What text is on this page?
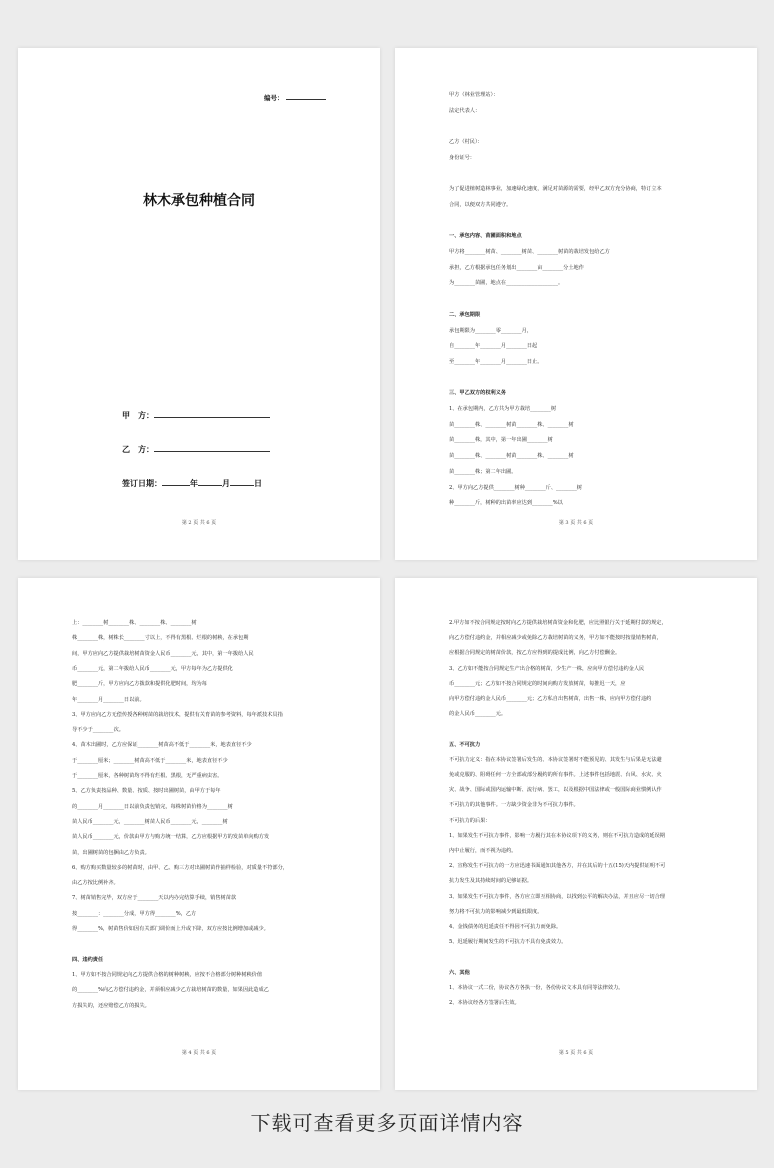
编号：
林木承包种植合同
甲　方：
乙　方：
签订日期：	年	月	日
第 2 页 共 6 页	第 3 页 共 6 页
甲方（林业管理站）：
法定代表人：
乙方（村民）：
身份证号：
为了促进植树造林事业，加速绿化速度，满足对苗源的需要，经甲乙双方充分协商，特订立本
合同，以便双方共同遵守。
一、承包内容、苗圃面积和地点
甲方将________树苗、________树苗、________树苗的栽培发包给乙方
承担，乙方根据承包任务划出________亩________分土地作
为________苗圃，地点在____________________。
二、承包期限
承包期限为________零________月，
自________年________月________日起
至________年________月________日止。
三、甲乙双方的权利义务
1、在承包期内，乙方共为甲方栽培________树
苗________株、________树苗________株、________树
苗________株，其中，第一年出圃________树
苗________株、________树苗________株、________树
苗________株；第二年出圃。
2、甲方向乙方提供________树种________斤、________树
种________斤，树种的出苗率应达到________%以
第 4 页 共 6 页
上：________树________株、________株、________树
株________株，树株长________寸以上，不得有黑根、烂根的树秧，在承包期
间，甲方应向乙方提供栽培树苗资金人民币________元，其中，第一年拨给人民
币________元，第二年拨给人民币________元，甲方每年为乙方提供化
肥________斤，甲方应向乙方拨款和提供化肥时间，均为每
年________月________日以前。
3、甲方应向乙方无偿传授各种树苗的栽培技术，提供有关育苗的参考资料，每年派技术员指
导不少于________次。
4、苗木出圃时，乙方应保证________树苗高不低于________米，地表直径不少
于________厘米；________树苗高不低于________米，地表直径不少
于________厘米，各种树苗均不得有烂根、黑根，无严重病虫害。
5、乙方负责按品种、数量、按质、按时出圃树苗，由甲方于每年
的________月________日以前负责包销完，每株树苗价格为________树
苗人民币________元，________树苗人民币________元，________树
苗人民币________元，价款由甲方与购方统一结算，乙方应根据甲方的发苗单向购方发
苗，出圃树苗的包捆由乙方负责。
6、购方购买数量较多的树苗时，由甲、乙、购三方对出圃树苗作抽样检验，对质量不符部分，
由乙方按比例补齐。
7、树苗销售完毕，双方应于________天以内办完结算手续，销售树苗款
按________：________分成，甲方得________%，乙方
得________%，树苗售价如因有关部门调价而上升或下降，双方应按比例增加或减少。
四、违约责任
1、甲方如不按合同规定向乙方提供合格的树种树秧，应按不合格部分树种树秧价值
的________%向乙方偿付违约金，并须相应减少乙方栽培树苗的数量，如果因此造成乙
方损失的，还应赔偿乙方的损失。
第 5 页 共 6 页
2.甲方如不按合同规定按时向乙方提供栽培树苗资金和化肥，应比照银行关于延期付款的规定，
向乙方偿付违约金，并相应减少或免除乙方栽培树苗的义务，甲方如不能按时按量销售树苗，
应根据合同规定的树苗价款，按乙方应得到的提成比例，向乙方付偿酬金。
3、乙方如不能按合同规定生产出合格的树苗，少生产一株，应向甲方偿付违约金人民
币________元；乙方如不按合同规定的时间向购方发放树苗，每推迟一天，应
向甲方偿付违约金人民币________元；乙方私自出售树苗，出售一株，应向甲方偿付违约
的金人民币________元。
五、不可抗力
不可抗力定义：指在本协议签署后发生的、本协议签署时不能预见的、其发生与后果是无法避
免或克服的、阻碍任何一方全部或部分履约的所有事件。上述事件包括地震、台风、水灾、火
灾、战争、国际或国内运输中断、流行病、罢工，以及根据中国法律或一般国际商业惯例认作
不可抗力的其他事件。一方缺少资金非为不可抗力事件。
不可抗力的后果：
1、如果发生不可抗力事件，影响一方履行其在本协议项下的义务，则在不可抗力造成的延误期
内中止履行，而不视为违约。
2、宣称发生不可抗力的一方应迅速书面通知其他各方，并在其后的十五(15)天内提供证明不可
抗力发生及其持续时间的足够证据。
3、如果发生不可抗力事件，各方应立即互相协商，以找到公平的解决办法，并且应尽一切合理
努力将不可抗力的影响减少到最低限度。
4、金钱债务的迟延责任不得因不可抗力而免除。
5、迟延履行期间发生的不可抗力不具有免责效力。
六、其他
1、本协议一式二份，协议各方各执一份，各份协议文本具有同等法律效力。
2、本协议经各方签署后生效。
下载可查看更多页面详情内容
